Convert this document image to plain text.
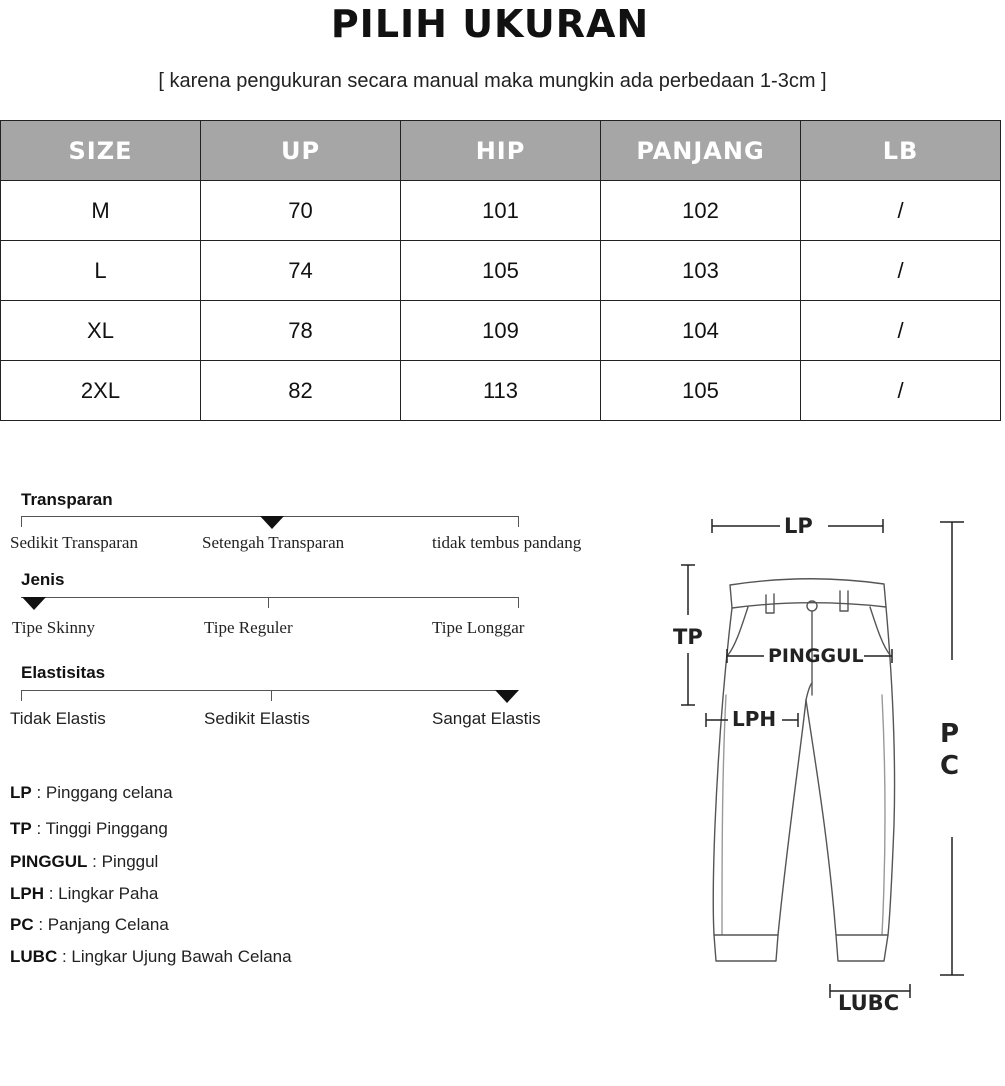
PILIH UKURAN
[ karena pengukuran secara manual maka mungkin ada perbedaan 1-3cm ]
SIZE	UP	HIP	PANJANG	LB
M	70	101	102	/
L	74	105	103	/
XL	78	109	104	/
2XL	82	113	105	/
Transparan
Sedikit Transparan	Setengah Transparan	tidak tembus pandang
Jenis
Tipe Skinny	Tipe Reguler	Tipe Longgar
Elastisitas
Tidak Elastis	Sedikit Elastis	Sangat Elastis
LP : Pinggang celana
TP : Tinggi Pinggang
PINGGUL : Pinggul
LPH : Lingkar Paha
PC : Panjang Celana
LUBC : Lingkar Ujung Bawah Celana
LP
TP
PINGGUL
LPH	P
C
LUBC
